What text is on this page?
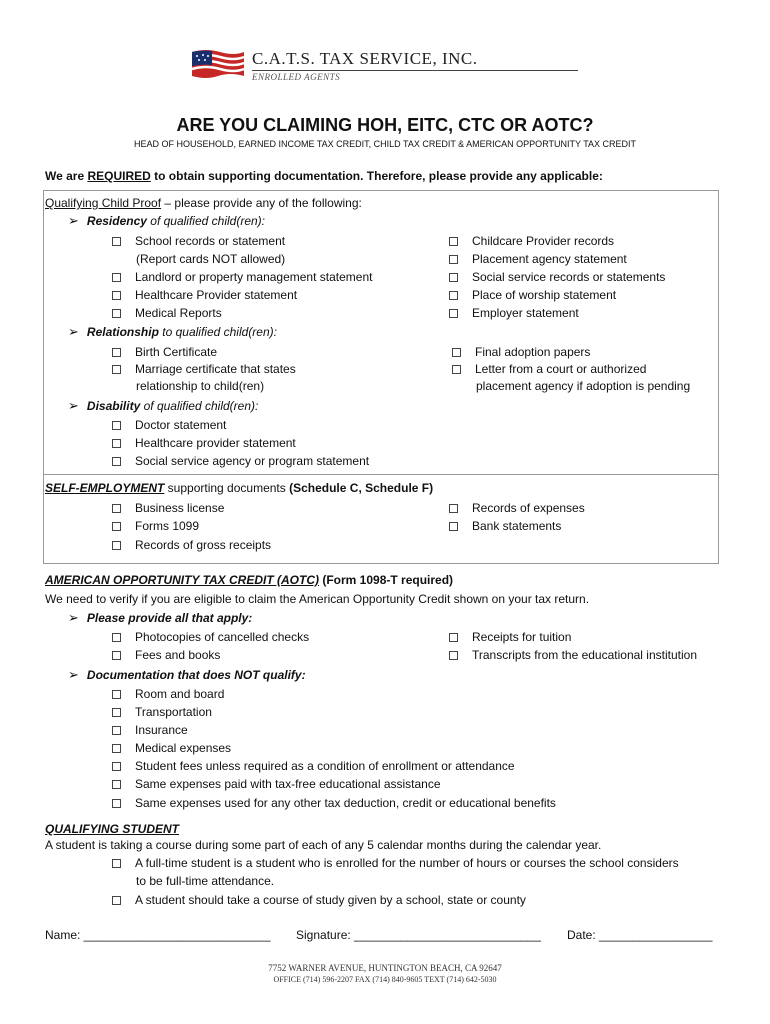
C.A.T.S. TAX SERVICE, INC.
ENROLLED AGENTS
ARE YOU CLAIMING HOH, EITC, CTC OR AOTC?
HEAD OF HOUSEHOLD, EARNED INCOME TAX CREDIT, CHILD TAX CREDIT & AMERICAN OPPORTUNITY TAX CREDIT
We are REQUIRED to obtain supporting documentation. Therefore, please provide any applicable:
Qualifying Child Proof – please provide any of the following:
➢ Residency of qualified child(ren):
School records or statement
(Report cards NOT allowed)
Landlord or property management statement
Healthcare Provider statement
Medical Reports
Childcare Provider records
Placement agency statement
Social service records or statements
Place of worship statement
Employer statement
➢ Relationship to qualified child(ren):
Birth Certificate
Marriage certificate that states
relationship to child(ren)
Final adoption papers
Letter from a court or authorized
placement agency if adoption is pending
➢ Disability of qualified child(ren):
Doctor statement
Healthcare provider statement
Social service agency or program statement
SELF-EMPLOYMENT supporting documents (Schedule C, Schedule F)
Business license
Forms 1099
Records of gross receipts
Records of expenses
Bank statements
AMERICAN OPPORTUNITY TAX CREDIT (AOTC) (Form 1098-T required)
We need to verify if you are eligible to claim the American Opportunity Credit shown on your tax return.
➢ Please provide all that apply:
Photocopies of cancelled checks
Fees and books
Receipts for tuition
Transcripts from the educational institution
➢ Documentation that does NOT qualify:
Room and board
Transportation
Insurance
Medical expenses
Student fees unless required as a condition of enrollment or attendance
Same expenses paid with tax-free educational assistance
Same expenses used for any other tax deduction, credit or educational benefits
QUALIFYING STUDENT
A student is taking a course during some part of each of any 5 calendar months during the calendar year.
A full-time student is a student who is enrolled for the number of hours or courses the school considers
to be full-time attendance.
A student should take a course of study given by a school, state or county
Name: ____________________________ Signature: ____________________________ Date: _________________
7752 WARNER AVENUE, HUNTINGTON BEACH, CA 92647
OFFICE (714) 596-2207 FAX (714) 840-9605 TEXT (714) 642-5030
